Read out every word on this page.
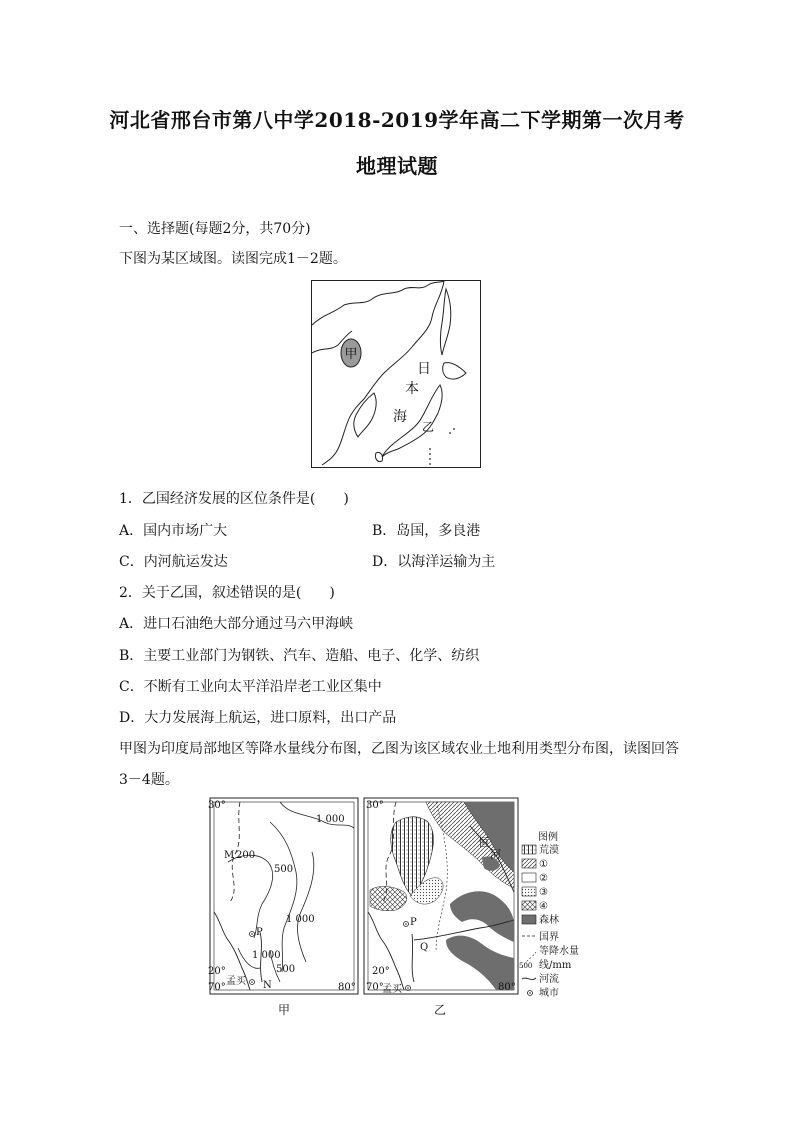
河北省邢台市第八中学2018-2019学年高二下学期第一次月考
地理试题
一、选择题(每题2分，共70分)
下图为某区域图。读图完成1－2题。
甲
日
本
海
乙
1．乙国经济发展的区位条件是(　　)
A．国内市场广大	B．岛国，多良港
C．内河航运发达	D．以海洋运输为主
2．关于乙国，叙述错误的是(　　)
A．进口石油绝大部分通过马六甲海峡
B．主要工业部门为钢铁、汽车、造船、电子、化学、纺织
C．不断有工业向太平洋沿岸老工业区集中
D．大力发展海上航运，进口原料，出口产品
甲图为印度局部地区等降水量线分布图，乙图为该区域农业土地利用类型分布图，读图回答
3－4题。
30°
20°
70°	80°
1 000
M 200
500
1 000
P
1 000
500
孟买 N
甲
30°
20°
70°	80°
恒
河
P
Q
孟买
乙
图例
荒漠
①
②
③
④
森林
国界
等降水量
500 线/mm
河流
城市
